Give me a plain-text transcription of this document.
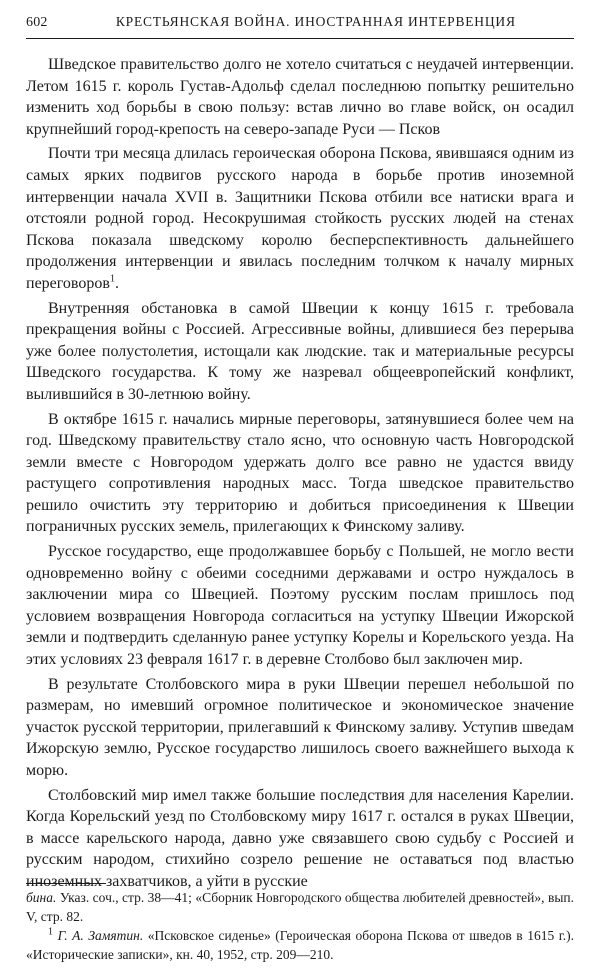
602	КРЕСТЬЯНСКАЯ ВОЙНА. ИНОСТРАННАЯ ИНТЕРВЕНЦИЯ

Шведское правительство долго не хотело считаться с неудачей интервенции. Летом 1615 г. король Густав-Адольф сделал последнюю попытку решительно изменить ход борьбы в свою пользу: встав лично во главе войск, он осадил крупнейший город-крепость на северо-западе Руси — Псков

Почти три месяца длилась героическая оборона Пскова, явившаяся одним из самых ярких подвигов русского народа в борьбе против иноземной интервенции начала XVII в. Защитники Пскова отбили все натиски врага и отстояли родной город. Несокрушимая стойкость русских людей на стенах Пскова показала шведскому королю бесперспективность дальнейшего продолжения интервенции и явилась последним толчком к началу мирных переговоров$^1$.

Внутренняя обстановка в самой Швеции к концу 1615 г. требовала прекращения войны с Россией. Агрессивные войны, длившиеся без перерыва уже более полустолетия, истощали как людские. так и материальные ресурсы Шведского государства. К тому же назревал общеевропейский конфликт, вылившийся в 30-летнюю войну.

В октябре 1615 г. начались мирные переговоры, затянувшиеся более чем на год. Шведскому правительству стало ясно, что основную часть Новгородской земли вместе с Новгородом удержать долго все равно не удастся ввиду растущего сопротивления народных масс. Тогда шведское правительство решило очистить эту территорию и добиться присоединения к Швеции пограничных русских земель, прилегающих к Финскому заливу.

Русское государство, еще продолжавшее борьбу с Польшей, не могло вести одновременно войну с обеими соседними державами и остро нуждалось в заключении мира со Швецией. Поэтому русским послам пришлось под условием возвращения Новгорода согласиться на уступку Швеции Ижорской земли и подтвердить сделанную ранее уступку Корелы и Корельского уезда. На этих условиях 23 февраля 1617 г. в деревне Столбово был заключен мир.

В результате Столбовского мира в руки Швеции перешел небольшой по размерам, но имевший огромное политическое и экономическое значение участок русской территории, прилегавший к Финскому заливу. Уступив шведам Ижорскую землю, Русское государство лишилось своего важнейшего выхода к морю.

Столбовский мир имел также большие последствия для населения Карелии. Когда Корельский уезд по Столбовскому миру 1617 г. остался в руках Швеции, в массе карельского народа, давно уже связавшего свою судьбу с Россией и русским народом, стихийно созрело решение не оставаться под властью иноземных захватчиков, а уйти в русские

бина. Указ. соч., стр. 38—41; «Сборник Новгородского общества любителей древностей», вып. V, стр. 82.

$^1$ Г. А. Замятин. «Псковское сиденье» (Героическая оборона Пскова от шведов в 1615 г.). «Исторические записки», кн. 40, 1952, стр. 209—210.
